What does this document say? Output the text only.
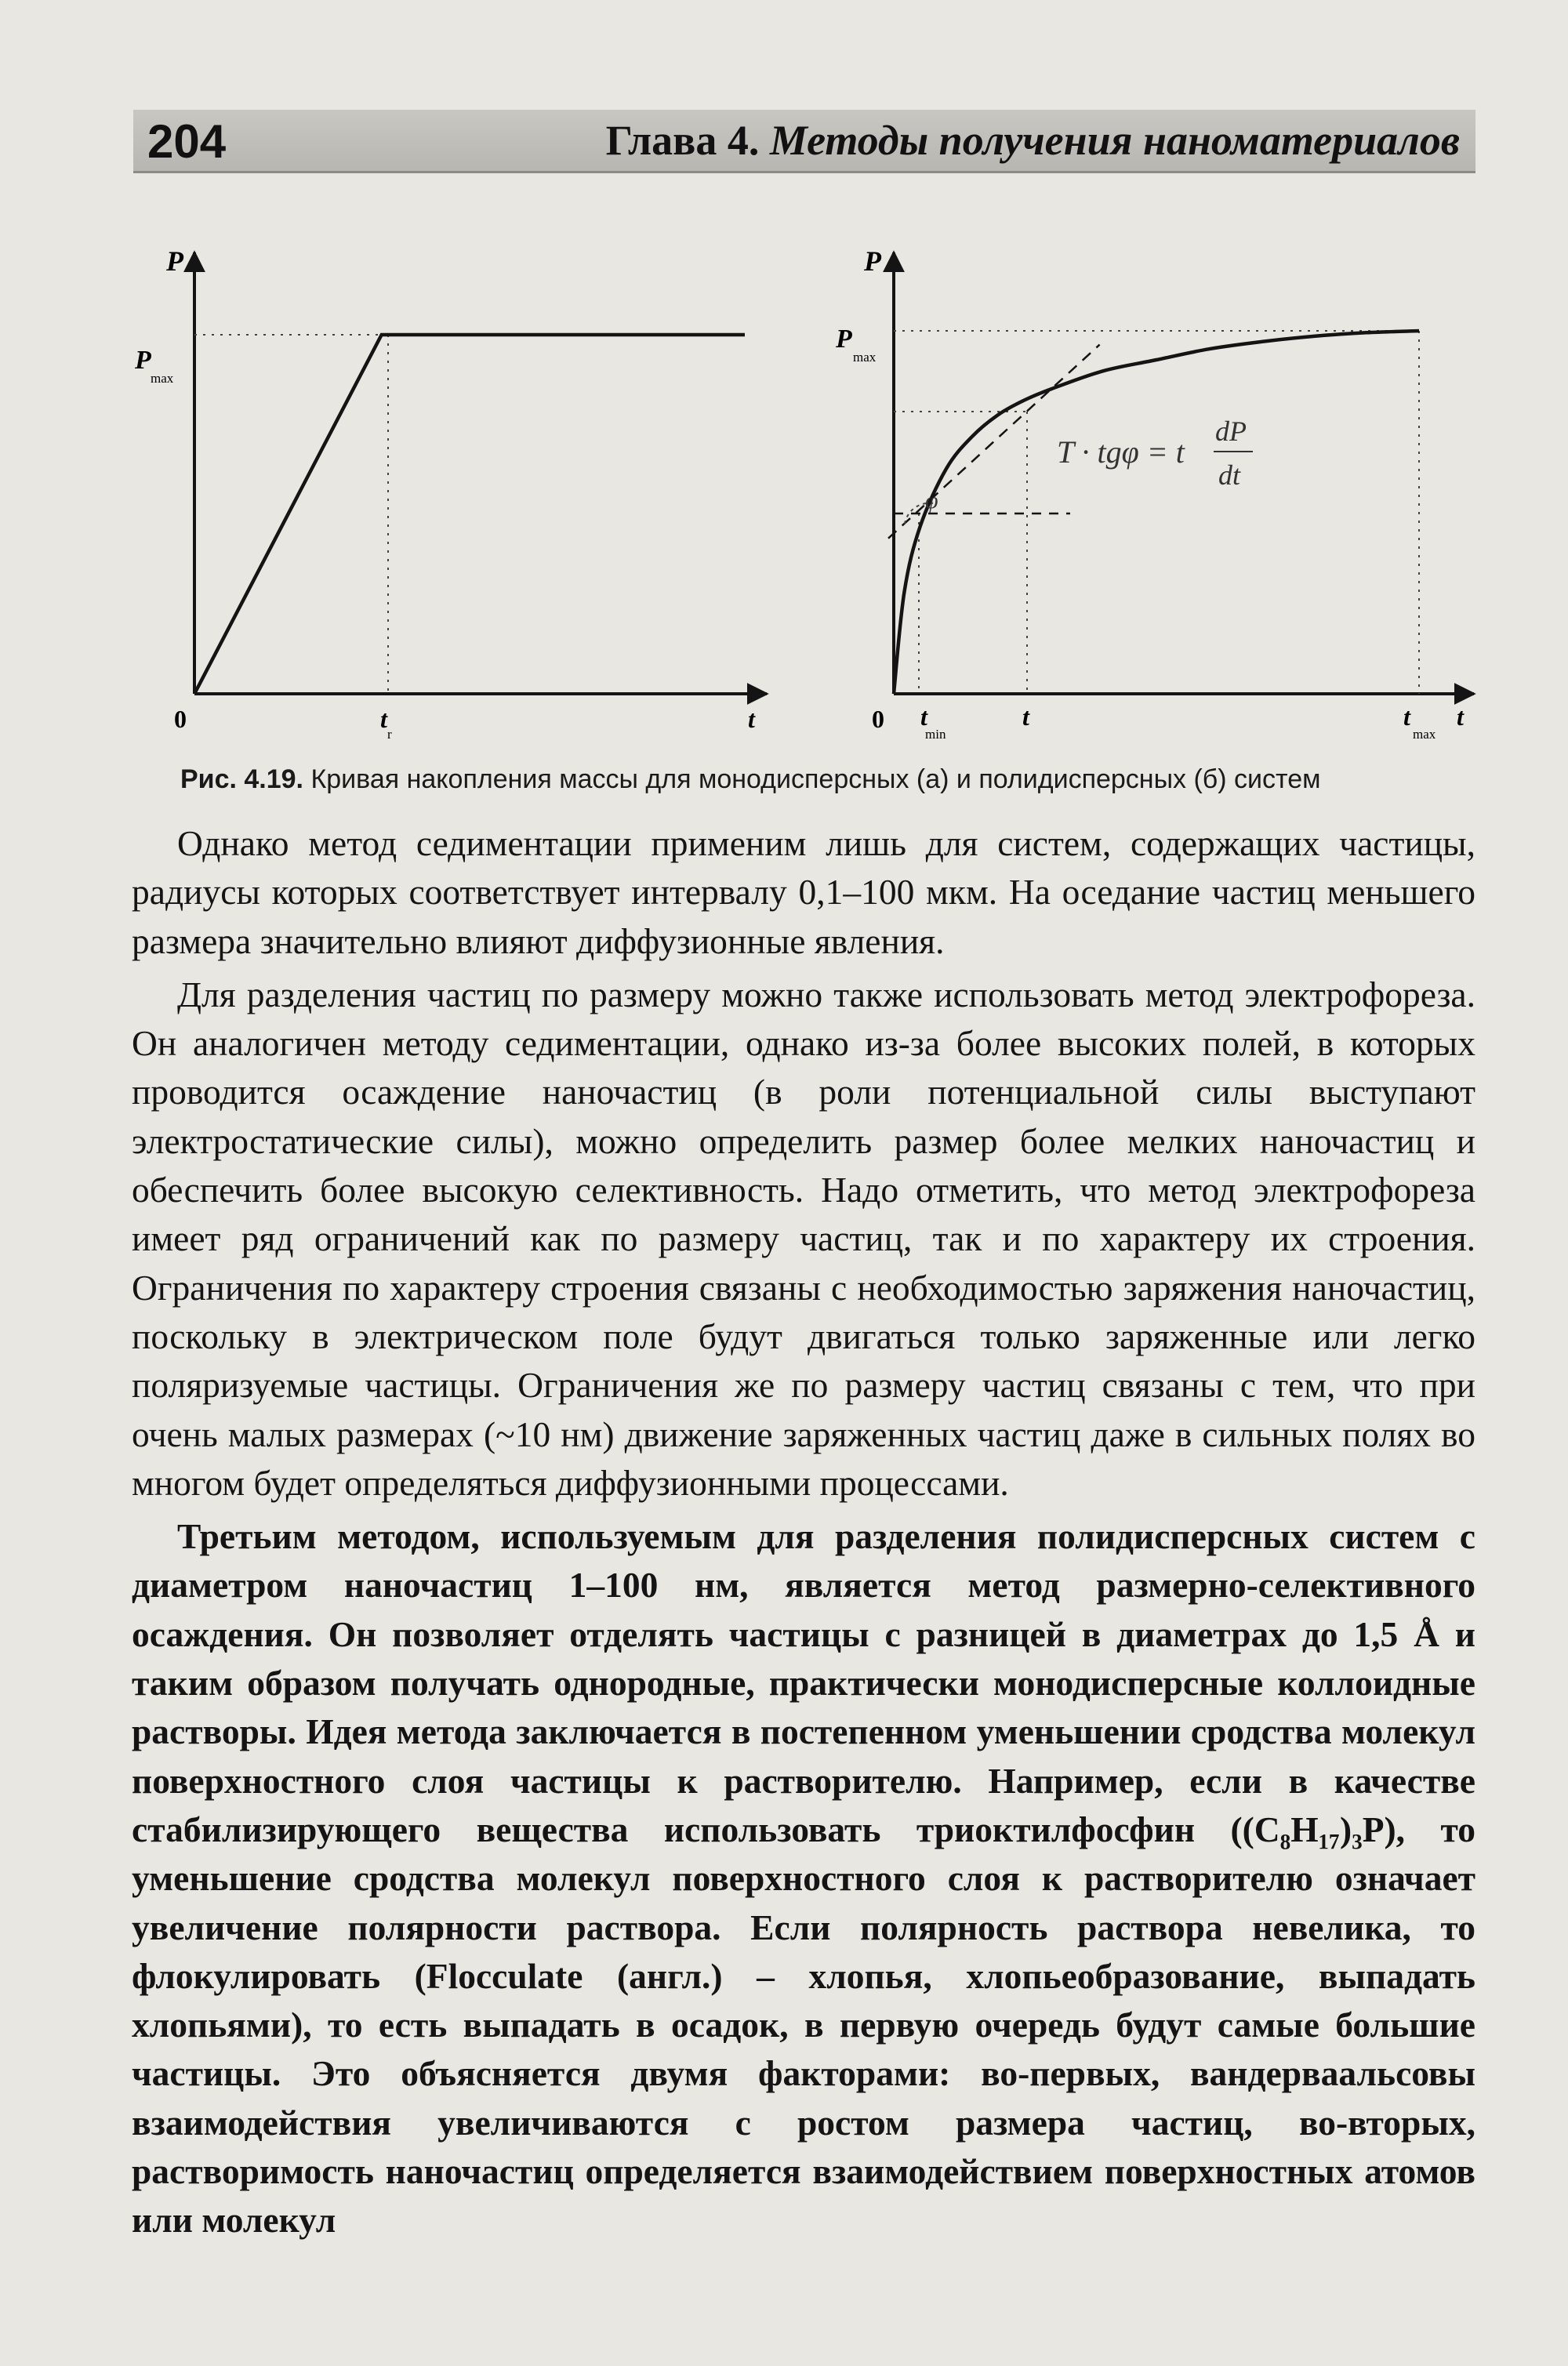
204	Глава 4. Методы получения наноматериалов
P
P
max
0	t
r
t
P
P
max
φ
T · tgφ = t
dP
dt
0 t
min
t	t
max
t
Рис. 4.19. Кривая накопления массы для монодисперсных (а) и полидисперсных (б) систем

Однако метод седиментации применим лишь для систем, содержащих частицы, радиусы которых соответствует интервалу 0,1–100 мкм. На оседание частиц меньшего размера значительно влияют диффузионные явления.

Для разделения частиц по размеру можно также использовать метод электрофореза. Он аналогичен методу седиментации, однако из-за более высоких полей, в которых проводится осаждение наночастиц (в роли потенциальной силы выступают электростатические силы), можно определить размер более мелких наночастиц и обеспечить более высокую селективность. Надо отметить, что метод электрофореза имеет ряд ограничений как по размеру частиц, так и по характеру их строения. Ограничения по характеру строения связаны с необходимостью заряжения наночастиц, поскольку в электрическом поле будут двигаться только заряженные или легко поляризуемые частицы. Ограничения же по размеру частиц связаны с тем, что при очень малых размерах (~10 нм) движение заряженных частиц даже в сильных полях во многом будет определяться диффузионными процессами.

Третьим методом, используемым для разделения полидисперсных систем с диаметром наночастиц 1–100 нм, является метод размерно-селективного осаждения. Он позволяет отделять частицы с разницей в диаметрах до 1,5 Å и таким образом получать однородные, практически монодисперсные коллоидные растворы. Идея метода заключается в постепенном уменьшении сродства молекул поверхностного слоя частицы к растворителю. Например, если в качестве стабилизирующего вещества использовать триоктилфосфин ((C₈H₁₇)₃P), то уменьшение сродства молекул поверхностного слоя к растворителю означает увеличение полярности раствора. Если полярность раствора невелика, то флокулировать (Flocculate (англ.) – хлопья, хлопьеобразование, выпадать хлопьями), то есть выпадать в осадок, в первую очередь будут самые большие частицы. Это объясняется двумя факторами: во-первых, вандерваальсовы взаимодействия увеличиваются с ростом размера частиц, во-вторых, растворимость наночастиц определяется взаимодействием поверхностных атомов или молекул
